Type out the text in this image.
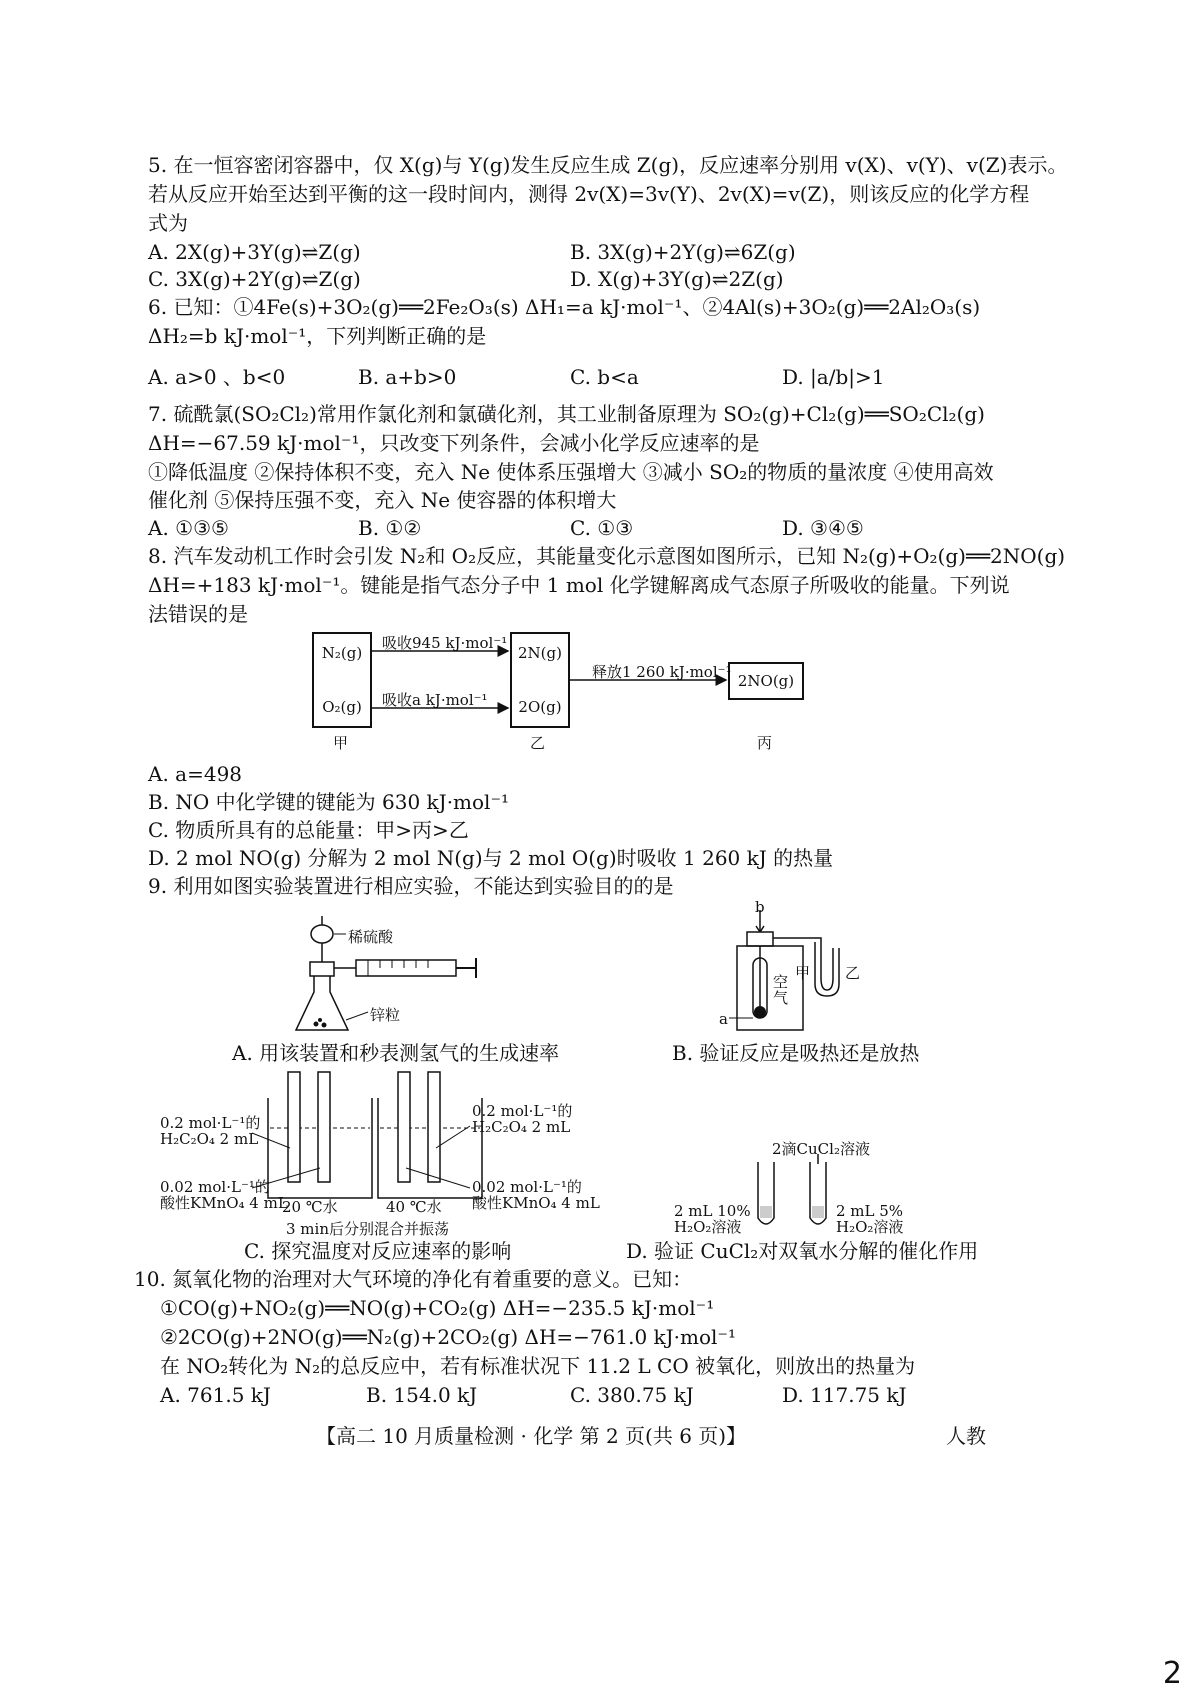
5. 在一恒容密闭容器中，仅 X(g)与 Y(g)发生反应生成 Z(g)，反应速率分别用 v(X)、v(Y)、v(Z)表示。
若从反应开始至达到平衡的这一段时间内，测得 2v(X)=3v(Y)、2v(X)=v(Z)，则该反应的化学方程
式为
A. 2X(g)+3Y(g)⇌Z(g)	B. 3X(g)+2Y(g)⇌6Z(g)
C. 3X(g)+2Y(g)⇌Z(g)	D. X(g)+3Y(g)⇌2Z(g)
6. 已知：①4Fe(s)+3O₂(g)══2Fe₂O₃(s) ΔH₁=a kJ·mol⁻¹、②4Al(s)+3O₂(g)══2Al₂O₃(s)
ΔH₂=b kJ·mol⁻¹，下列判断正确的是
A. a>0 、b<0	B. a+b>0	C. b<a	D. |a/b|>1
7. 硫酰氯(SO₂Cl₂)常用作氯化剂和氯磺化剂，其工业制备原理为 SO₂(g)+Cl₂(g)══SO₂Cl₂(g)
ΔH=−67.59 kJ·mol⁻¹，只改变下列条件，会减小化学反应速率的是
①降低温度 ②保持体积不变，充入 Ne 使体系压强增大 ③减小 SO₂的物质的量浓度 ④使用高效
催化剂 ⑤保持压强不变，充入 Ne 使容器的体积增大
A. ①③⑤	B. ①②	C. ①③	D. ③④⑤
8. 汽车发动机工作时会引发 N₂和 O₂反应，其能量变化示意图如图所示，已知 N₂(g)+O₂(g)══2NO(g)
ΔH=+183 kJ·mol⁻¹。键能是指气态分子中 1 mol 化学键解离成气态原子所吸收的能量。下列说
法错误的是
N₂(g)
O₂(g)
2N(g)
2O(g)
2NO(g)
吸收945 kJ·mol⁻¹
吸收a kJ·mol⁻¹
释放1 260 kJ·mol⁻¹
甲	乙	丙
A. a=498
B. NO 中化学键的键能为 630 kJ·mol⁻¹
C. 物质所具有的总能量：甲>丙>乙
D. 2 mol NO(g) 分解为 2 mol N(g)与 2 mol O(g)时吸收 1 260 kJ 的热量
9. 利用如图实验装置进行相应实验，不能达到实验目的的是
稀硫酸
锌粒
A. 用该装置和秒表测氢气的生成速率
b
a
甲 乙
空气
B. 验证反应是吸热还是放热
0.2 mol·L⁻¹的
H₂C₂O₄ 2 mL
0.02 mol·L⁻¹的
酸性KMnO₄ 4 mL
0.2 mol·L⁻¹的
H₂C₂O₄ 2 mL
0.02 mol·L⁻¹的
酸性KMnO₄ 4 mL
20 ℃水	40 ℃水
3 min后分别混合并振荡
C. 探究温度对反应速率的影响
2滴CuCl₂溶液
2 mL 10%
H₂O₂溶液
2 mL 5%
H₂O₂溶液
D. 验证 CuCl₂对双氧水分解的催化作用
10. 氮氧化物的治理对大气环境的净化有着重要的意义。已知：
①CO(g)+NO₂(g)══NO(g)+CO₂(g) ΔH=−235.5 kJ·mol⁻¹
②2CO(g)+2NO(g)══N₂(g)+2CO₂(g) ΔH=−761.0 kJ·mol⁻¹
在 NO₂转化为 N₂的总反应中，若有标准状况下 11.2 L CO 被氧化，则放出的热量为
A. 761.5 kJ	B. 154.0 kJ	C. 380.75 kJ	D. 117.75 kJ
【高二 10 月质量检测 · 化学 第 2 页(共 6 页)】	人教
2
